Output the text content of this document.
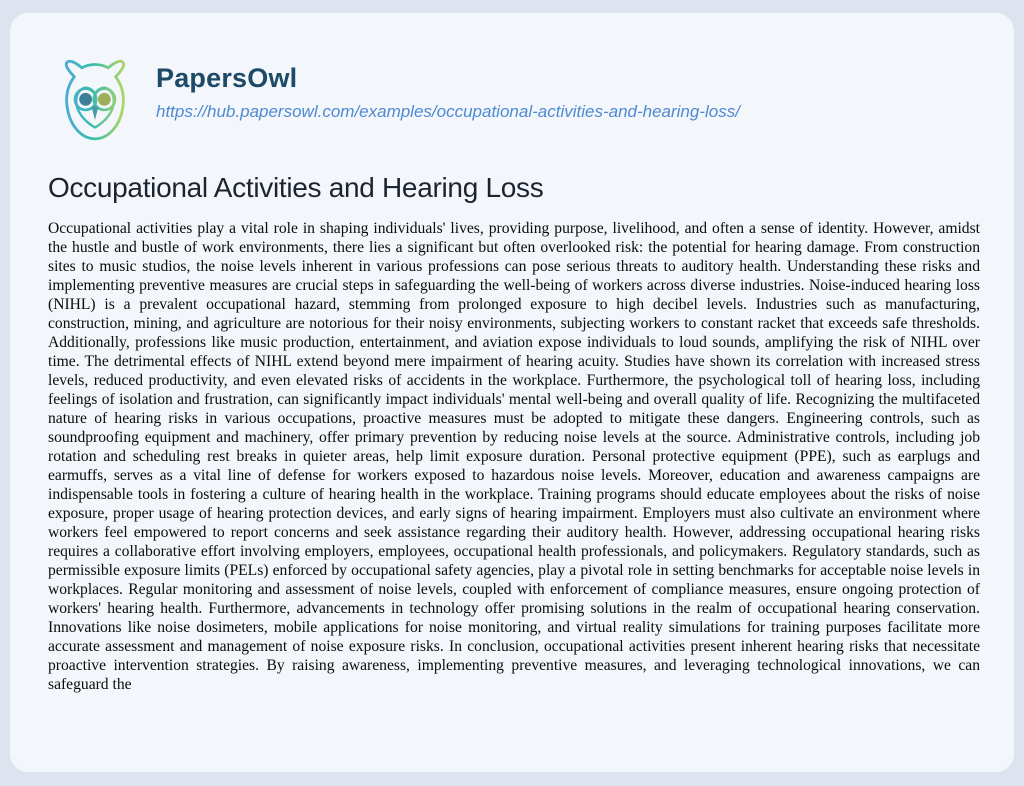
PapersOwl
https://hub.papersowl.com/examples/occupational-activities-and-hearing-loss/
Occupational Activities and Hearing Loss

Occupational activities play a vital role in shaping individuals' lives, providing purpose, livelihood, and often a sense of identity. However, amidst the hustle and bustle of work environments, there lies a significant but often overlooked risk: the potential for hearing damage. From construction sites to music studios, the noise levels inherent in various professions can pose serious threats to auditory health. Understanding these risks and implementing preventive measures are crucial steps in safeguarding the well-being of workers across diverse industries. Noise-induced hearing loss (NIHL) is a prevalent occupational hazard, stemming from prolonged exposure to high decibel levels. Industries such as manufacturing, construction, mining, and agriculture are notorious for their noisy environments, subjecting workers to constant racket that exceeds safe thresholds. Additionally, professions like music production, entertainment, and aviation expose individuals to loud sounds, amplifying the risk of NIHL over time. The detrimental effects of NIHL extend beyond mere impairment of hearing acuity. Studies have shown its correlation with increased stress levels, reduced productivity, and even elevated risks of accidents in the workplace. Furthermore, the psychological toll of hearing loss, including feelings of isolation and frustration, can significantly impact individuals' mental well-being and overall quality of life. Recognizing the multifaceted nature of hearing risks in various occupations, proactive measures must be adopted to mitigate these dangers. Engineering controls, such as soundproofing equipment and machinery, offer primary prevention by reducing noise levels at the source. Administrative controls, including job rotation and scheduling rest breaks in quieter areas, help limit exposure duration. Personal protective equipment (PPE), such as earplugs and earmuffs, serves as a vital line of defense for workers exposed to hazardous noise levels. Moreover, education and awareness campaigns are indispensable tools in fostering a culture of hearing health in the workplace. Training programs should educate employees about the risks of noise exposure, proper usage of hearing protection devices, and early signs of hearing impairment. Employers must also cultivate an environment where workers feel empowered to report concerns and seek assistance regarding their auditory health. However, addressing occupational hearing risks requires a collaborative effort involving employers, employees, occupational health professionals, and policymakers. Regulatory standards, such as permissible exposure limits (PELs) enforced by occupational safety agencies, play a pivotal role in setting benchmarks for acceptable noise levels in workplaces. Regular monitoring and assessment of noise levels, coupled with enforcement of compliance measures, ensure ongoing protection of workers' hearing health. Furthermore, advancements in technology offer promising solutions in the realm of occupational hearing conservation. Innovations like noise dosimeters, mobile applications for noise monitoring, and virtual reality simulations for training purposes facilitate more accurate assessment and management of noise exposure risks. In conclusion, occupational activities present inherent hearing risks that necessitate proactive intervention strategies. By raising awareness, implementing preventive measures, and leveraging technological innovations, we can safeguard the
